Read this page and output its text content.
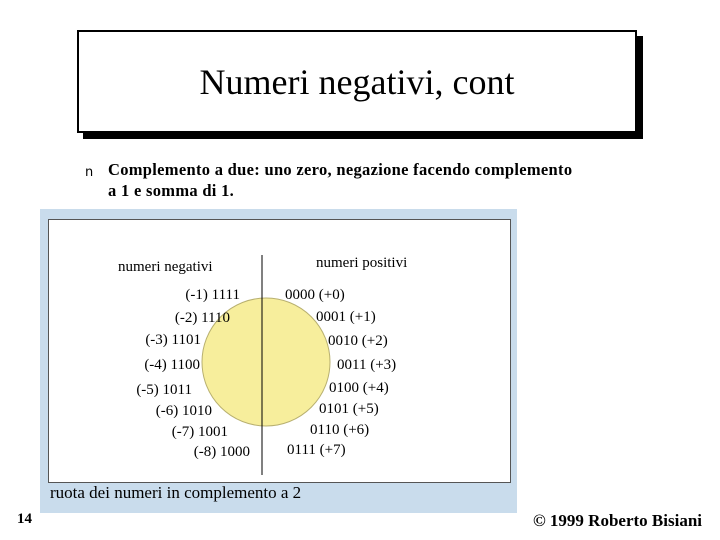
Numeri negativi, cont
n Complemento a due: uno zero, negazione facendo complemento a 1 e somma di 1.
numeri negativi	numeri positivi
(-1) 1111
(-2) 1110
(-3) 1101
(-4) 1100
(-5) 1011
(-6) 1010
(-7) 1001
(-8) 1000
0000 (+0)
0001 (+1)
0010 (+2)
0011 (+3)
0100 (+4)
0101 (+5)
0110 (+6)
0111 (+7)
ruota dei numeri in complemento a 2
14	© 1999 Roberto Bisiani
